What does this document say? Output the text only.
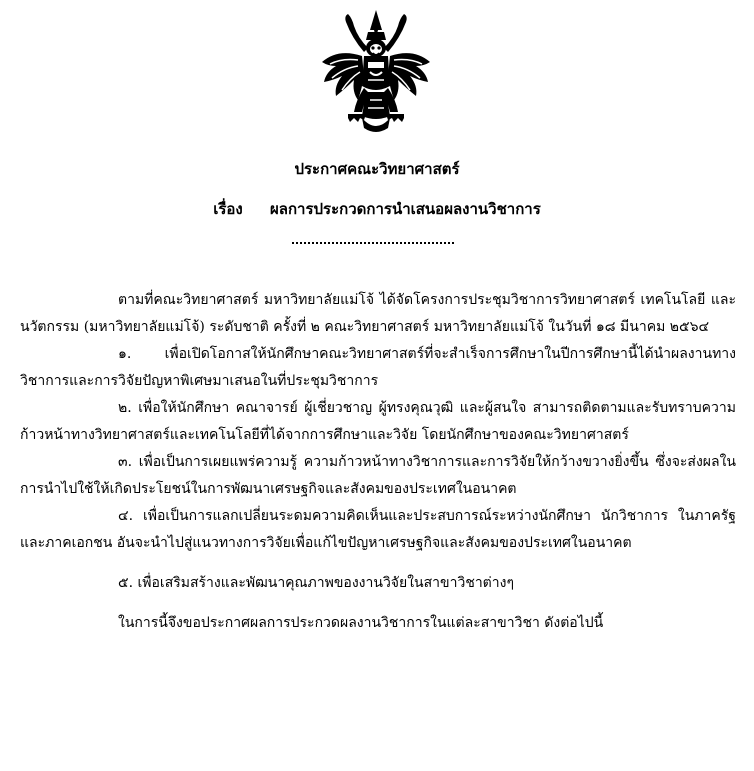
ประกาศคณะวิทยาศาสตร์
เรื่อง ผลการประกวดการนำเสนอผลงานวิชาการ

ตามที่คณะวิทยาศาสตร์ มหาวิทยาลัยแม่โจ้ ได้จัดโครงการประชุมวิชาการวิทยาศาสตร์ เทคโนโลยี และนวัตกรรม (มหาวิทยาลัยแม่โจ้) ระดับชาติ ครั้งที่ ๒ คณะวิทยาศาสตร์ มหาวิทยาลัยแม่โจ้ ในวันที่ ๑๘ มีนาคม ๒๕๖๔

๑. เพื่อเปิดโอกาสให้นักศึกษาคณะวิทยาศาสตร์ที่จะสำเร็จการศึกษาในปีการศึกษานี้ได้นำผลงานทางวิชาการและการวิจัยปัญหาพิเศษมาเสนอในที่ประชุมวิชาการ

๒. เพื่อให้นักศึกษา คณาจารย์ ผู้เชี่ยวชาญ ผู้ทรงคุณวุฒิ และผู้สนใจ สามารถติดตามและรับทราบความก้าวหน้าทางวิทยาศาสตร์และเทคโนโลยีที่ได้จากการศึกษาและวิจัย โดยนักศึกษาของคณะวิทยาศาสตร์

๓. เพื่อเป็นการเผยแพร่ความรู้ ความก้าวหน้าทางวิชาการและการวิจัยให้กว้างขวางยิ่งขึ้น ซึ่งจะส่งผลในการนำไปใช้ให้เกิดประโยชน์ในการพัฒนาเศรษฐกิจและสังคมของประเทศในอนาคต

๔. เพื่อเป็นการแลกเปลี่ยนระดมความคิดเห็นและประสบการณ์ระหว่างนักศึกษา นักวิชาการ ในภาครัฐและภาคเอกชน อันจะนำไปสู่แนวทางการวิจัยเพื่อแก้ไขปัญหาเศรษฐกิจและสังคมของประเทศในอนาคต

๕. เพื่อเสริมสร้างและพัฒนาคุณภาพของงานวิจัยในสาขาวิชาต่างๆ

ในการนี้จึงขอประกาศผลการประกวดผลงานวิชาการในแต่ละสาขาวิชา ดังต่อไปนี้
